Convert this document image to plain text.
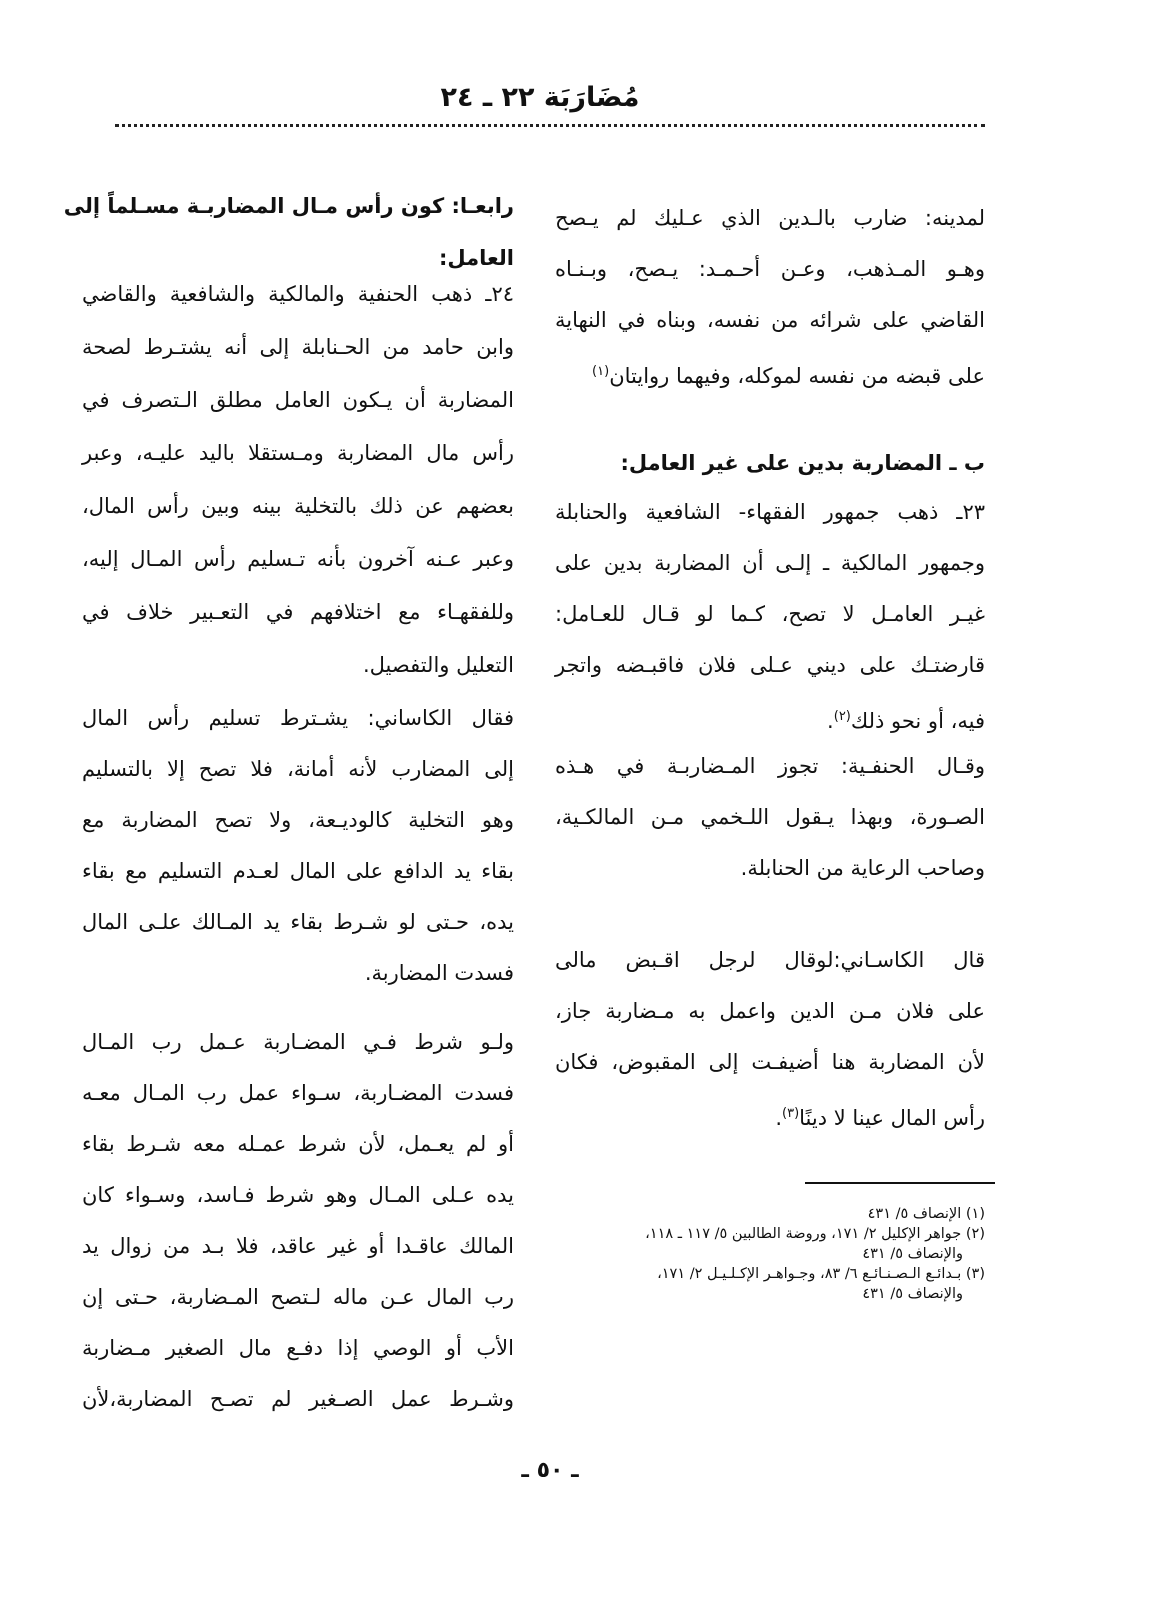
مُضَارَبَة ٢٢ ـ ٢٤
لمدينه: ضارب بالـدين الذي عـليك لم يـصح
وهـو المـذهب، وعـن أحـمـد: يـصح، وبـنـاه
القاضي على شرائه من نفسه، وبناه في النهاية
على قبضه من نفسه لموكله، وفيهما روايتان$^{(١)}$
ب ـ المضاربة بدين على غير العامل:
٢٣ـ ذهب جمهور الفقهاء- الشافعية والحنابلة
وجمهور المالكية ـ إلـى أن المضاربة بدين على
غيـر العامـل لا تصح، كـما لو قـال للعـامل:
قارضتـك على ديني عـلى فلان فاقبـضه واتجر
فيه، أو نحو ذلك$^{(٢)}$.
وقـال الحنفـية: تجوز المـضاربـة في هـذه
الصـورة، وبهذا يـقول اللـخمي مـن المالكـية،
وصاحب الرعاية من الحنابلة.
قال الكاسـاني:لوقال لرجل اقـبض مالى
على فلان مـن الدين واعمل به مـضاربة جاز،
لأن المضاربة هنا أضيفـت إلى المقبوض، فكان
رأس المال عينا لا دينًا$^{(٣)}$.
رابعـا: كون رأس مـال المضاربـة مسـلماً إلى
العامل:
٢٤ـ ذهب الحنفية والمالكية والشافعية والقاضي
وابن حامد من الحـنابلة إلى أنه يشتـرط لصحة
المضاربة أن يـكون العامل مطلق الـتصرف في
رأس مال المضاربة ومـستقلا باليد عليـه، وعبر
بعضهم عن ذلك بالتخلية بينه وبين رأس المال،
وعبر عـنه آخرون بأنه تـسليم رأس المـال إليه،
وللفقهـاء مع اختلافهم في التعـبير خلاف في
التعليل والتفصيل.
فقال الكاساني: يشـترط تسليم رأس المال
إلى المضارب لأنه أمانة، فلا تصح إلا بالتسليم
وهو التخلية كالوديـعة، ولا تصح المضاربة مع
بقاء يد الدافع على المال لعـدم التسليم مع بقاء
يده، حـتى لو شـرط بقاء يد المـالك علـى المال
فسدت المضاربة.
ولـو شرط فـي المضـاربة عـمل رب المـال
فسدت المضـاربة، سـواء عمل رب المـال معـه
أو لم يعـمل، لأن شرط عمـله معه شـرط بقاء
يده عـلى المـال وهو شرط فـاسد، وسـواء كان
المالك عاقـدا أو غير عاقد، فلا بـد من زوال يد
رب المال عـن ماله لـتصح المـضاربة، حـتى إن
الأب أو الوصي إذا دفـع مال الصغير مـضاربة
وشـرط عمل الصـغير لم تصـح المضاربة،لأن
(١) الإنصاف ٥/ ٤٣١
(٢) جواهر الإكليل ٢/ ١٧١، وروضة الطالبين ٥/ ١١٧ ـ ١١٨،
والإنصاف ٥/ ٤٣١
(٣) بـدائـع الـصـنـائـع ٦/ ٨٣، وجـواهـر الإكـلـيـل ٢/ ١٧١،
والإنصاف ٥/ ٤٣١
ـ ٥٠ ـ
